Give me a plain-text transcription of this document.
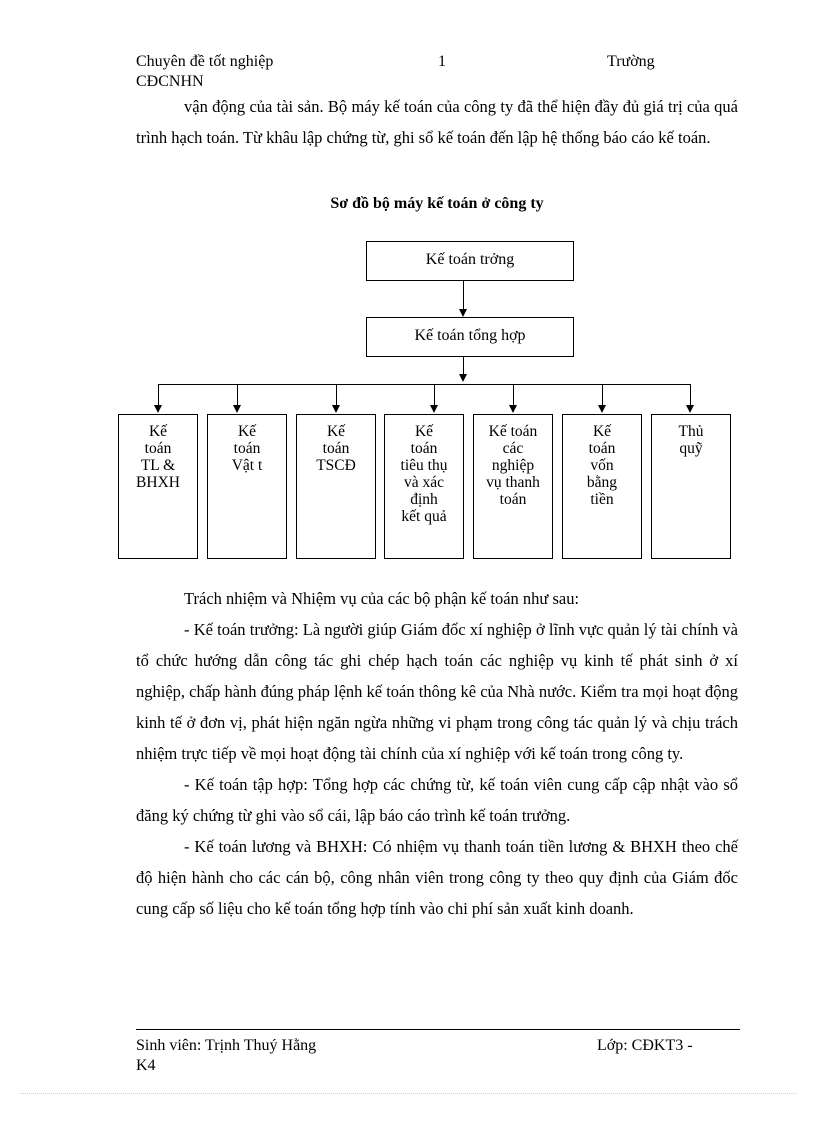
Chuyên đề tốt nghiệp	1	Trường
CĐCNHN

vận động của tài sản. Bộ máy kế toán của công ty đã thể hiện đầy đủ giá trị của quá trình hạch toán. Từ khâu lập chứng từ, ghi sổ kế toán đến lập hệ thống báo cáo kế toán.

Sơ đồ bộ máy kế toán ở công ty
Kế toán trởng
Kế toán tổng hợp
Kế
toán
TL &
BHXH
Kế
toán
Vật t
Kế
toán
TSCĐ
Kế
toán
tiêu thụ
và xác
định
kết quả
Kế toán
các
nghiệp
vụ thanh
toán
Kế
toán
vốn
bằng
tiền
Thủ
quỹ

Trách nhiệm và Nhiệm vụ của các bộ phận kế toán như sau:

- Kế toán trưởng: Là người giúp Giám đốc xí nghiệp ở lĩnh vực quản lý tài chính và tổ chức hướng dẫn công tác ghi chép hạch toán các nghiệp vụ kinh tế phát sinh ở xí nghiệp, chấp hành đúng pháp lệnh kế toán thông kê của Nhà nước. Kiểm tra mọi hoạt động kinh tế ở đơn vị, phát hiện ngăn ngừa những vi phạm trong công tác quản lý và chịu trách nhiệm trực tiếp về mọi hoạt động tài chính của xí nghiệp với kế toán trong công ty.

- Kế toán tập hợp: Tổng hợp các chứng từ, kế toán viên cung cấp cập nhật vào sổ đăng ký chứng từ ghi vào sổ cái, lập báo cáo trình kế toán trưởng.

- Kế toán lương và BHXH: Có nhiệm vụ thanh toán tiền lương & BHXH theo chế độ hiện hành cho các cán bộ, công nhân viên trong công ty theo quy định của Giám đốc cung cấp số liệu cho kế toán tổng hợp tính vào chi phí sản xuất kinh doanh.

Sinh viên: Trịnh Thuý Hằng	Lớp: CĐKT3 -
K4
